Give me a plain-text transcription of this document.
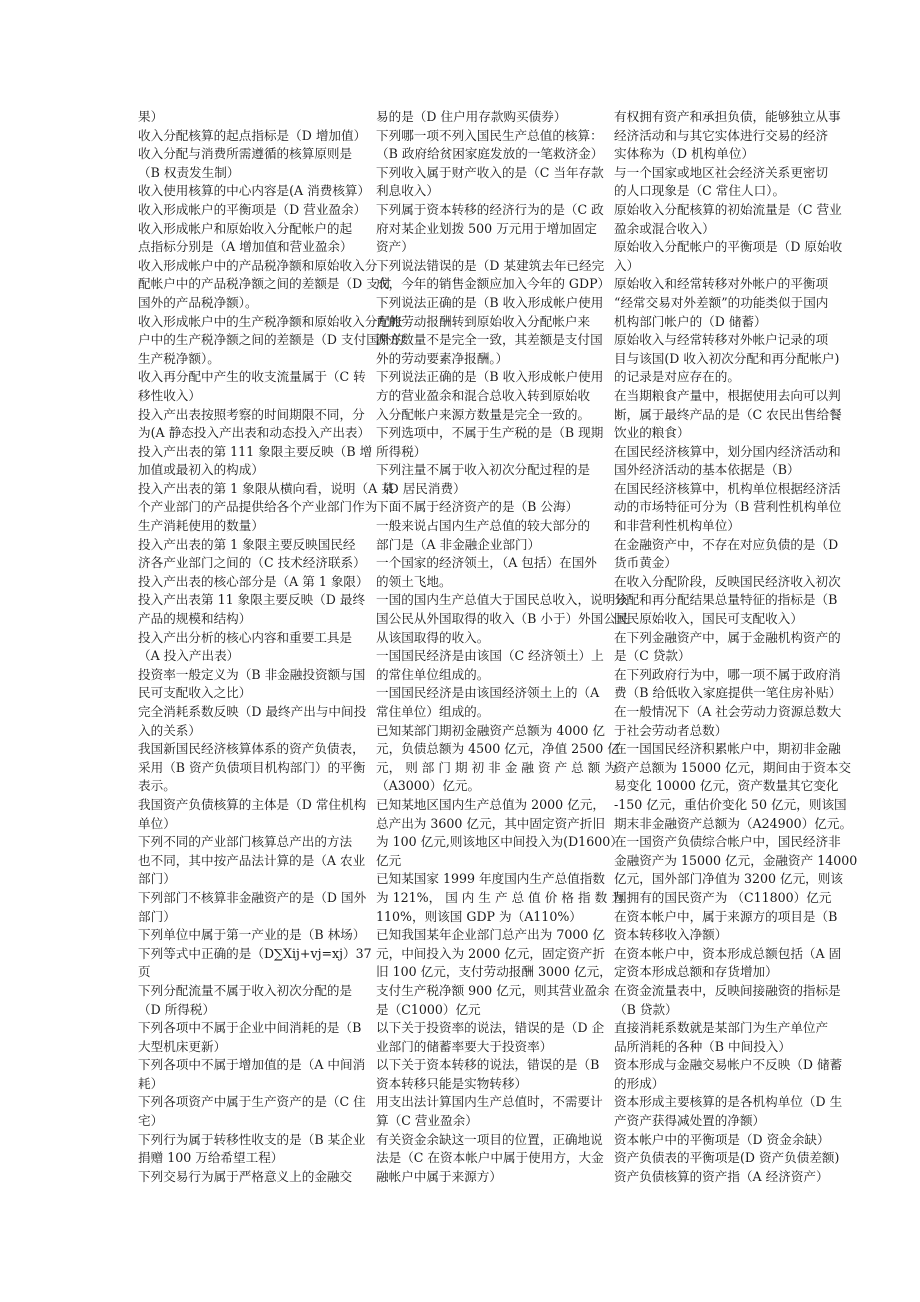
果）
收入分配核算的起点指标是（D 增加值）
收入分配与消费所需遵循的核算原则是
（B 权责发生制）
收入使用核算的中心内容是(A 消费核算）
收入形成帐户的平衡项是（D 营业盈余）
收入形成帐户和原始收入分配帐户的起
点指标分别是（A 增加值和营业盈余）
收入形成帐户中的产品税净额和原始收入分
配帐户中的产品税净额之间的差额是（D 支付
国外的产品税净额）。
收入形成帐户中的生产税净额和原始收入分配帐
户中的生产税净额之间的差额是（D 支付国外的
生产税净额）。
收入再分配中产生的收支流量属于（C 转
移性收入）
投入产出表按照考察的时间期限不同，分
为(A 静态投入产出表和动态投入产出表）
投入产出表的第 111 象限主要反映（B 增
加值或最初入的构成）
投入产出表的第 1 象限从横向看，说明（A 某
个产业部门的产品提供给各个产业部门作为
生产消耗使用的数量）
投入产出表的第 1 象限主要反映国民经
济各产业部门之间的（C 技术经济联系）
投入产出表的核心部分是（A 第 1 象限）
投入产出表第 11 象限主要反映（D 最终
产品的规模和结构）
投入产出分析的核心内容和重要工具是
（A 投入产出表）
投资率一般定义为（B 非金融投资额与国
民可支配收入之比）
完全消耗系数反映（D 最终产出与中间投
入的关系）
我国新国民经济核算体系的资产负债表，
采用（B 资产负债项目机构部门）的平衡
表示。
我国资产负债核算的主体是（D 常住机构
单位）
下列不同的产业部门核算总产出的方法
也不同，其中按产品法计算的是（A 农业
部门）
下列部门不核算非金融资产的是（D 国外
部门）
下列单位中属于第一产业的是（B 林场）
下列等式中正确的是（D∑Xij+vj=xj）37
页
下列分配流量不属于收入初次分配的是
（D 所得税）
下列各项中不属于企业中间消耗的是（B
大型机床更新）
下列各项中不属于增加值的是（A 中间消
耗）
下列各项资产中属于生产资产的是（C 住
宅）
下列行为属于转移性收支的是（B 某企业
捐赠 100 万给希望工程）
下列交易行为属于严格意义上的金融交
易的是（D 住户用存款购买债券）
下列哪一项不列入国民生产总值的核算：
（B 政府给贫困家庭发放的一笔救济金）
下列收入属于财产收入的是（C 当年存款
利息收入）
下列属于资本转移的经济行为的是（C 政
府对某企业划拨 500 万元用于增加固定
资产）
下列说法错误的是（D 某建筑去年已经完
成，今年的销售金额应加入今年的 GDP）
下列说法正确的是（B 收入形成帐户使用
方的劳动报酬转到原始收入分配帐户来
源方数量不是完全一致，其差额是支付国
外的劳动要素净报酬。）
下列说法正确的是（B 收入形成帐户使用
方的营业盈余和混合总收入转到原始收
入分配帐户来源方数量是完全一致的。
下列选项中，不属于生产税的是（B 现期
所得税）
下列注量不属于收入初次分配过程的是
（D 居民消费）
下面不属于经济资产的是（B 公海）
一般来说占国内生产总值的较大部分的
部门是（A 非金融企业部门）
一个国家的经济领土，（A 包括）在国外
的领土飞地。
一国的国内生产总值大于国民总收入，说明该
国公民从外国取得的收入（B 小于）外国公民
从该国取得的收入。
一国国民经济是由该国（C 经济领土）上
的常住单位组成的。
一国国民经济是由该国经济领土上的（A
常住单位）组成的。
已知某部门期初金融资产总额为 4000 亿
元，负债总额为 4500 亿元，净值 2500 亿
元， 则 部 门 期 初 非 金 融 资 产 总 额 为
（A3000）亿元。
已知某地区国内生产总值为 2000 亿元，
总产出为 3600 亿元，其中固定资产折旧
为 100 亿元,则该地区中间投入为(D1600）
亿元
已知某国家 1999 年度国内生产总值指数
为 121%， 国 内 生 产 总 值 价 格 指 数 为
110%，则该国 GDP 为（A110%）
已知我国某年企业部门总产出为 7000 亿
元，中间投入为 2000 亿元，固定资产折
旧 100 亿元，支付劳动报酬 3000 亿元，
支付生产税净额 900 亿元，则其营业盈余
是（C1000）亿元
以下关于投资率的说法，错误的是（D 企
业部门的储蓄率要大于投资率）
以下关于资本转移的说法，错误的是（B
资本转移只能是实物转移）
用支出法计算国内生产总值时，不需要计
算（C 营业盈余）
有关资金余缺这一项目的位置，正确地说
法是（C 在资本帐户中属于使用方，大金
融帐户中属于来源方）
有权拥有资产和承担负债，能够独立从事
经济活动和与其它实体进行交易的经济
实体称为（D 机构单位）
与一个国家或地区社会经济关系更密切
的人口现象是（C 常住人口）。
原始收入分配核算的初始流量是（C 营业
盈余或混合收入）
原始收入分配帐户的平衡项是（D 原始收
入）
原始收入和经常转移对外帐户的平衡项
“经常交易对外差额”的功能类似于国内
机构部门帐户的（D 储蓄）
原始收入与经常转移对外帐户记录的项
目与该国(D 收入初次分配和再分配帐户)
的记录是对应存在的。
在当期粮食产量中，根据使用去向可以判
断，属于最终产品的是（C 农民出售给餐
饮业的粮食）
在国民经济核算中，划分国内经济活动和
国外经济活动的基本依据是（B）
在国民经济核算中，机构单位根据经济活
动的市场特征可分为（B 营利性机构单位
和非营利性机构单位）
在金融资产中，不存在对应负债的是（D
货币黄金）
在收入分配阶段，反映国民经济收入初次
分配和再分配结果总量特征的指标是（B
国民原始收入，国民可支配收入）
在下列金融资产中，属于金融机构资产的
是（C 贷款）
在下列政府行为中，哪一项不属于政府消
费（B 给低收入家庭提供一笔住房补贴）
在一般情况下（A 社会劳动力资源总数大
于社会劳动者总数）
在一国国民经济积累帐户中，期初非金融
资产总额为 15000 亿元，期间由于资本交
易变化 10000 亿元，资产数量其它变化
-150 亿元，重估价变化 50 亿元，则该国
期末非金融资产总额为（A24900）亿元。
在一国资产负债综合帐户中，国民经济非
金融资产为 15000 亿元，金融资产 14000
亿元，国外部门净值为 3200 亿元，则该
国拥有的国民资产为 （C11800）亿元
在资本帐户中，属于来源方的项目是（B
资本转移收入净额）
在资本帐户中，资本形成总额包括（A 固
定资本形成总额和存货增加）
在资金流量表中，反映间接融资的指标是
（B 贷款）
直接消耗系数就是某部门为生产单位产
品所消耗的各种（B 中间投入）
资本形成与金融交易帐户不反映（D 储蓄
的形成）
资本形成主要核算的是各机构单位（D 生
产资产获得减处置的净额）
资本帐户中的平衡项是（D 资金余缺）
资产负债表的平衡项是(D 资产负债差额)
资产负债核算的资产指（A 经济资产）
